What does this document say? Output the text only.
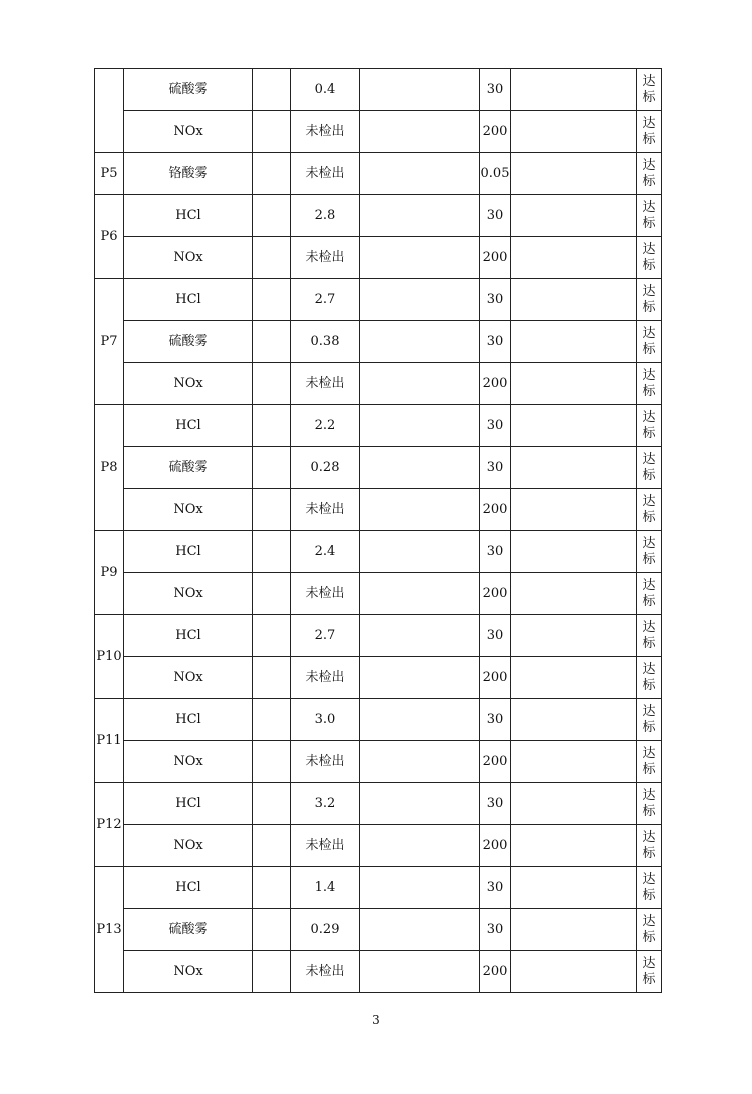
	硫酸雾		0.4		30		达标
	NOx		未检出		200		达标
P5	铬酸雾		未检出		0.05		达标
P6	HCl		2.8		30		达标
	NOx		未检出		200		达标
P7	HCl		2.7		30		达标
	硫酸雾		0.38		30		达标
	NOx		未检出		200		达标
P8	HCl		2.2		30		达标
	硫酸雾		0.28		30		达标
	NOx		未检出		200		达标
P9	HCl		2.4		30		达标
	NOx		未检出		200		达标
P10	HCl		2.7		30		达标
	NOx		未检出		200		达标
P11	HCl		3.0		30		达标
	NOx		未检出		200		达标
P12	HCl		3.2		30		达标
	NOx		未检出		200		达标
P13	HCl		1.4		30		达标
	硫酸雾		0.29		30		达标
	NOx		未检出		200		达标
3
